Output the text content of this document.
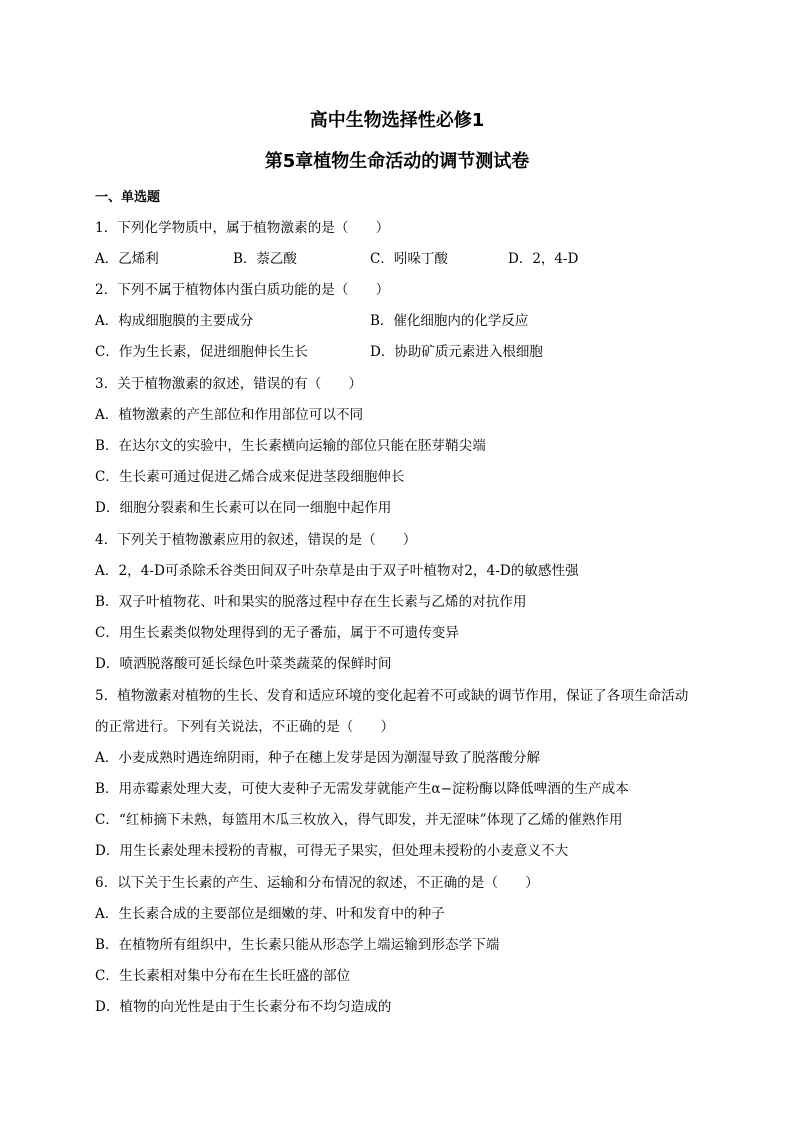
高中生物选择性必修1
第5章植物生命活动的调节测试卷
一、单选题
1．下列化学物质中，属于植物激素的是（　　）
A．乙烯利	B．萘乙酸	C．吲哚丁酸	D．2，4-D
2．下列不属于植物体内蛋白质功能的是（　　）
A．构成细胞膜的主要成分	B．催化细胞内的化学反应
C．作为生长素，促进细胞伸长生长	D．协助矿质元素进入根细胞
3．关于植物激素的叙述，错误的有（　　）
A．植物激素的产生部位和作用部位可以不同
B．在达尔文的实验中，生长素横向运输的部位只能在胚芽鞘尖端
C．生长素可通过促进乙烯合成来促进茎段细胞伸长
D．细胞分裂素和生长素可以在同一细胞中起作用
4．下列关于植物激素应用的叙述，错误的是（　　）
A．2，4-D可杀除禾谷类田间双子叶杂草是由于双子叶植物对2，4-D的敏感性强
B．双子叶植物花、叶和果实的脱落过程中存在生长素与乙烯的对抗作用
C．用生长素类似物处理得到的无子番茄，属于不可遗传变异
D．喷洒脱落酸可延长绿色叶菜类蔬菜的保鲜时间
5．植物激素对植物的生长、发育和适应环境的变化起着不可或缺的调节作用，保证了各项生命活动
的正常进行。下列有关说法，不正确的是（　　）
A．小麦成熟时遇连绵阴雨，种子在穗上发芽是因为潮湿导致了脱落酸分解
B．用赤霉素处理大麦，可使大麦种子无需发芽就能产生α−淀粉酶以降低啤酒的生产成本
C．“红柿摘下未熟，每篮用木瓜三枚放入，得气即发，并无涩味”体现了乙烯的催熟作用
D．用生长素处理未授粉的青椒，可得无子果实，但处理未授粉的小麦意义不大
6．以下关于生长素的产生、运输和分布情况的叙述，不正确的是（　　）
A．生长素合成的主要部位是细嫩的芽、叶和发育中的种子
B．在植物所有组织中，生长素只能从形态学上端运输到形态学下端
C．生长素相对集中分布在生长旺盛的部位
D．植物的向光性是由于生长素分布不均匀造成的
